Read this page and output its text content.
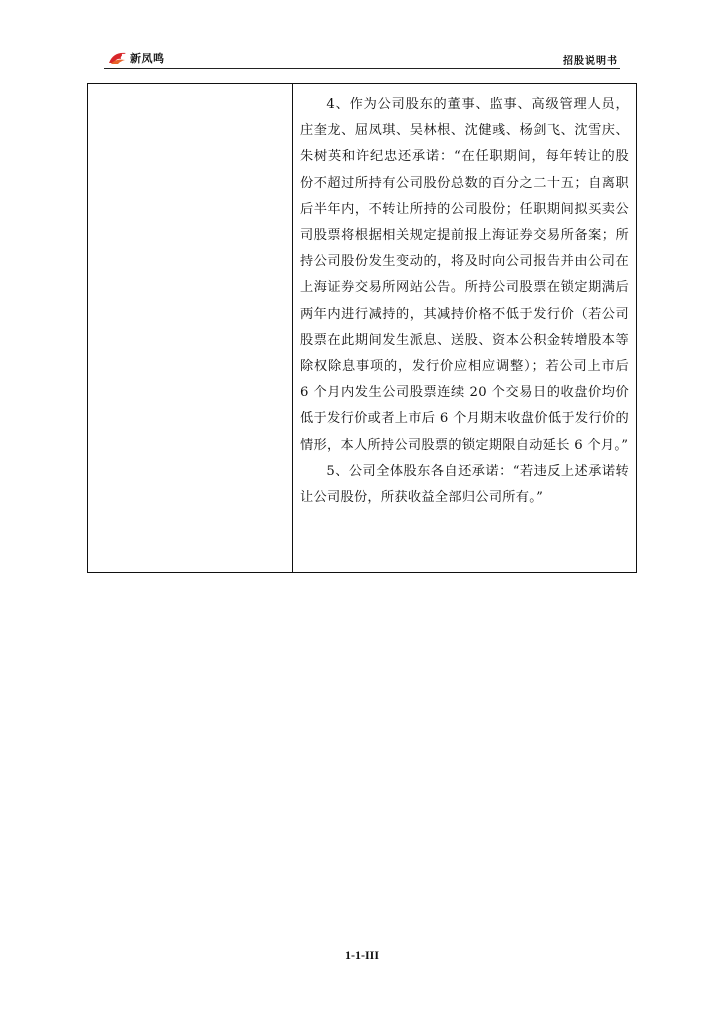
新凤鸣	招股说明书

4、作为公司股东的董事、监事、高级管理人员，庄奎龙、屈凤琪、吴林根、沈健彧、杨剑飞、沈雪庆、朱树英和许纪忠还承诺：“在任职期间，每年转让的股份不超过所持有公司股份总数的百分之二十五；自离职后半年内，不转让所持的公司股份；任职期间拟买卖公司股票将根据相关规定提前报上海证券交易所备案；所持公司股份发生变动的，将及时向公司报告并由公司在上海证券交易所网站公告。所持公司股票在锁定期满后两年内进行减持的，其减持价格不低于发行价（若公司股票在此期间发生派息、送股、资本公积金转增股本等除权除息事项的，发行价应相应调整）；若公司上市后 6 个月内发生公司股票连续 20 个交易日的收盘价均价低于发行价或者上市后 6 个月期末收盘价低于发行价的情形，本人所持公司股票的锁定期限自动延长 6 个月。”

5、公司全体股东各自还承诺：“若违反上述承诺转让公司股份，所获收益全部归公司所有。”

1-1-III
